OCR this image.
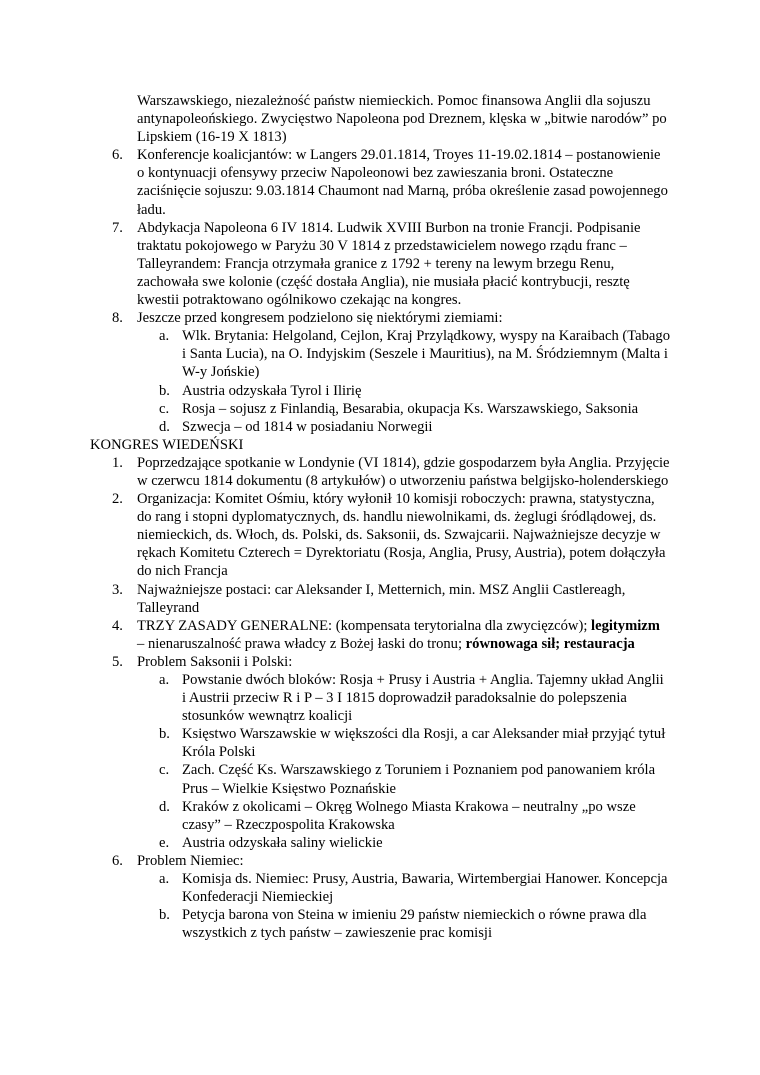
Warszawskiego, niezależność państw niemieckich. Pomoc finansowa Anglii dla sojuszu antynapoleońskiego. Zwycięstwo Napoleona pod Dreznem, klęska w „bitwie narodów” po Lipskiem (16-19 X 1813)

6. Konferencje koalicjantów: w Langers 29.01.1814, Troyes 11-19.02.1814 – postanowienie o kontynuacji ofensywy przeciw Napoleonowi bez zawieszania broni. Ostateczne zaciśnięcie sojuszu: 9.03.1814 Chaumont nad Marną, próba określenie zasad powojennego ładu.
7. Abdykacja Napoleona 6 IV 1814. Ludwik XVIII Burbon na tronie Francji. Podpisanie traktatu pokojowego w Paryżu 30 V 1814 z przedstawicielem nowego rządu franc – Talleyrandem: Francja otrzymała granice z 1792 + tereny na lewym brzegu Renu, zachowała swe kolonie (część dostała Anglia), nie musiała płacić kontrybucji, resztę kwestii potraktowano ogólnikowo czekając na kongres.
8. Jeszcze przed kongresem podzielono się niektórymi ziemiami:
a. Wlk. Brytania: Helgoland, Cejlon, Kraj Przylądkowy, wyspy na Karaibach (Tabago i Santa Lucia), na O. Indyjskim (Seszele i Mauritius), na M. Śródziemnym (Malta i W-y Jońskie)
b. Austria odzyskała Tyrol i Ilirię
c. Rosja – sojusz z Finlandią, Besarabia, okupacja Ks. Warszawskiego, Saksonia
d. Szwecja – od 1814 w posiadaniu Norwegii

KONGRES WIEDEŃSKI

1. Poprzedzające spotkanie w Londynie (VI 1814), gdzie gospodarzem była Anglia. Przyjęcie w czerwcu 1814 dokumentu (8 artykułów) o utworzeniu państwa belgijsko-holenderskiego
2. Organizacja: Komitet Ośmiu, który wyłonił 10 komisji roboczych: prawna, statystyczna, do rang i stopni dyplomatycznych, ds. handlu niewolnikami, ds. żeglugi śródlądowej, ds. niemieckich, ds. Włoch, ds. Polski, ds. Saksonii, ds. Szwajcarii. Najważniejsze decyzje w rękach Komitetu Czterech = Dyrektoriatu (Rosja, Anglia, Prusy, Austria), potem dołączyła do nich Francja
3. Najważniejsze postaci: car Aleksander I, Metternich, min. MSZ Anglii Castlereagh, Talleyrand
4. TRZY ZASADY GENERALNE: (kompensata terytorialna dla zwycięzców); legitymizm – nienaruszalność prawa władcy z Bożej łaski do tronu; równowaga sił; restauracja
5. Problem Saksonii i Polski:
a. Powstanie dwóch bloków: Rosja + Prusy i Austria + Anglia. Tajemny układ Anglii i Austrii przeciw R i P – 3 I 1815 doprowadził paradoksalnie do polepszenia stosunków wewnątrz koalicji
b. Księstwo Warszawskie w większości dla Rosji, a car Aleksander miał przyjąć tytuł Króla Polski
c. Zach. Część Ks. Warszawskiego z Toruniem i Poznaniem pod panowaniem króla Prus – Wielkie Księstwo Poznańskie
d. Kraków z okolicami – Okręg Wolnego Miasta Krakowa – neutralny „po wsze czasy” – Rzeczpospolita Krakowska
e. Austria odzyskała saliny wielickie
6. Problem Niemiec:
a. Komisja ds. Niemiec: Prusy, Austria, Bawaria, Wirtembergiai Hanower. Koncepcja Konfederacji Niemieckiej
b. Petycja barona von Steina w imieniu 29 państw niemieckich o równe prawa dla wszystkich z tych państw – zawieszenie prac komisji
